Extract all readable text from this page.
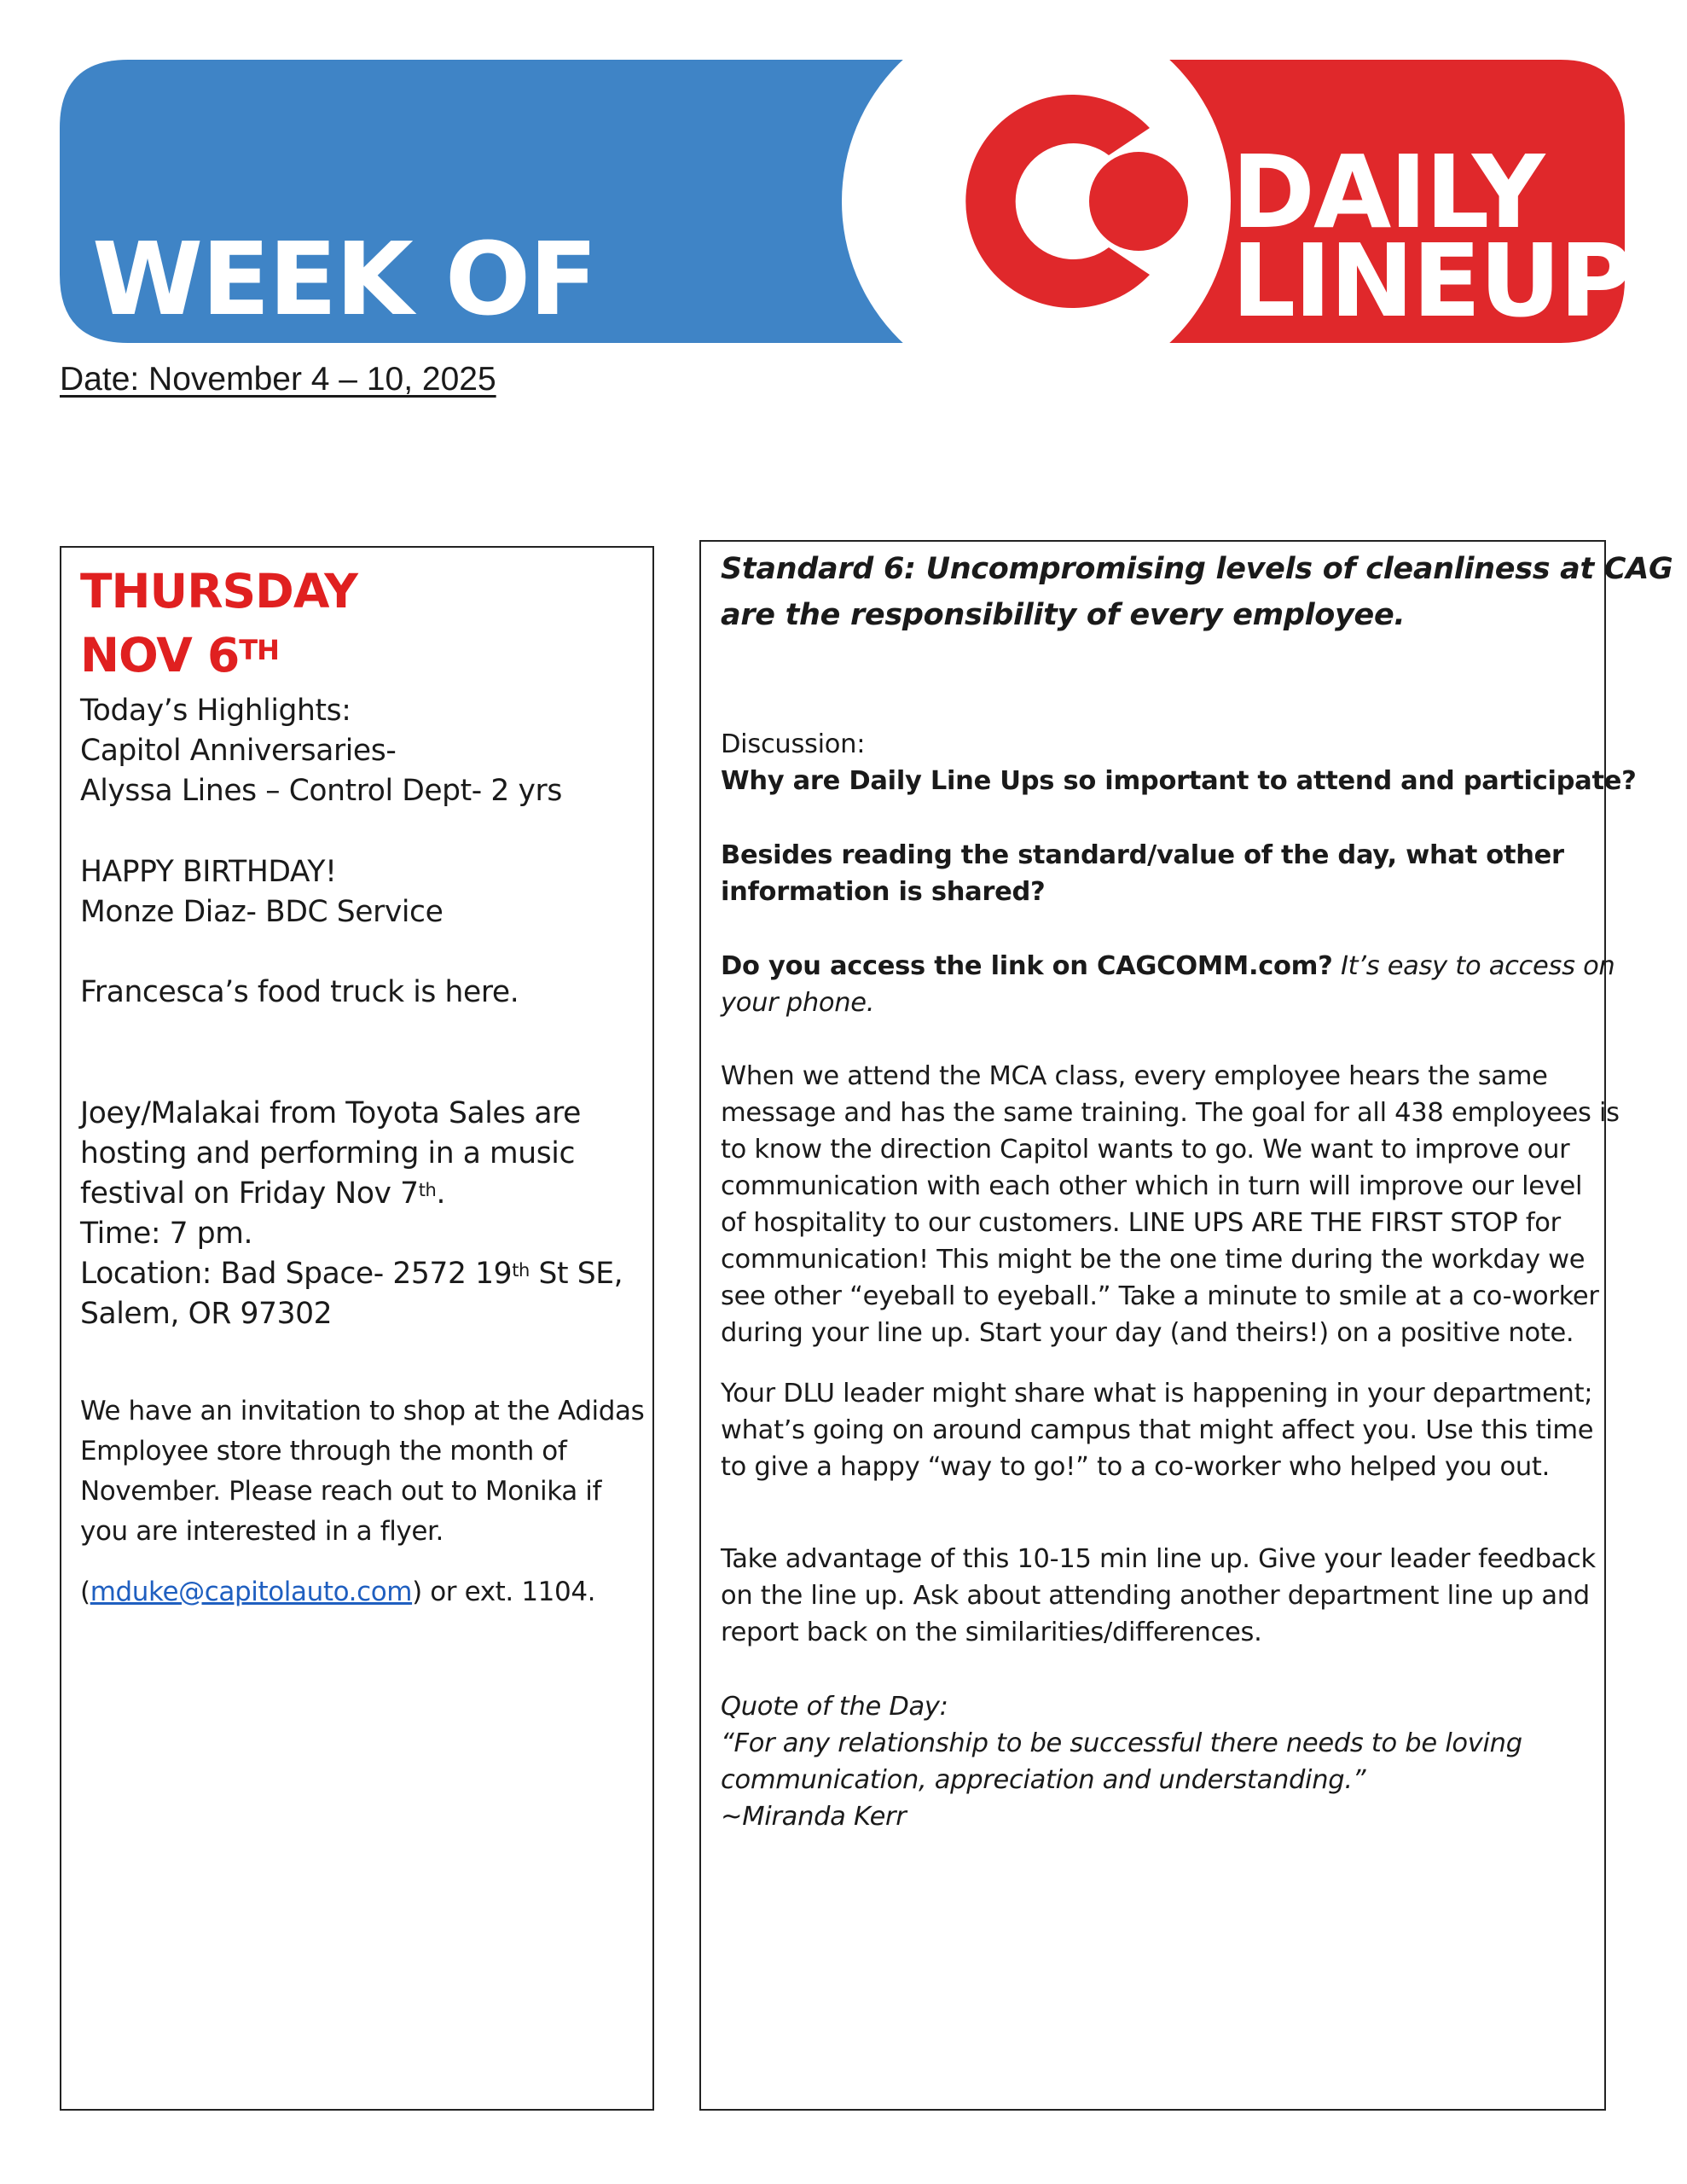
WEEK OF
DAILY
LINEUP
Date: November 4 – 10, 2025
THURSDAY
NOV 6TH
Today’s Highlights:
Capitol Anniversaries-
Alyssa Lines – Control Dept- 2 yrs
HAPPY BIRTHDAY!
Monze Diaz- BDC Service
Francesca’s food truck is here.
Joey/Malakai from Toyota Sales are
hosting and performing in a music
festival on Friday Nov 7th.
Time: 7 pm.
Location: Bad Space- 2572 19th St SE,
Salem, OR 97302
We have an invitation to shop at the Adidas
Employee store through the month of
November. Please reach out to Monika if
you are interested in a flyer.
(mduke@capitolauto.com) or ext. 1104.
Standard 6: Uncompromising levels of cleanliness at CAG
are the responsibility of every employee.
Discussion:
Why are Daily Line Ups so important to attend and participate?
Besides reading the standard/value of the day, what other
information is shared?
Do you access the link on CAGCOMM.com? It’s easy to access on
your phone.
When we attend the MCA class, every employee hears the same
message and has the same training. The goal for all 438 employees is
to know the direction Capitol wants to go. We want to improve our
communication with each other which in turn will improve our level
of hospitality to our customers. LINE UPS ARE THE FIRST STOP for
communication! This might be the one time during the workday we
see other “eyeball to eyeball.” Take a minute to smile at a co-worker
during your line up. Start your day (and theirs!) on a positive note.
Your DLU leader might share what is happening in your department;
what’s going on around campus that might affect you. Use this time
to give a happy “way to go!” to a co-worker who helped you out.
Take advantage of this 10-15 min line up. Give your leader feedback
on the line up. Ask about attending another department line up and
report back on the similarities/differences.
Quote of the Day:
“For any relationship to be successful there needs to be loving
communication, appreciation and understanding.”
~Miranda Kerr
